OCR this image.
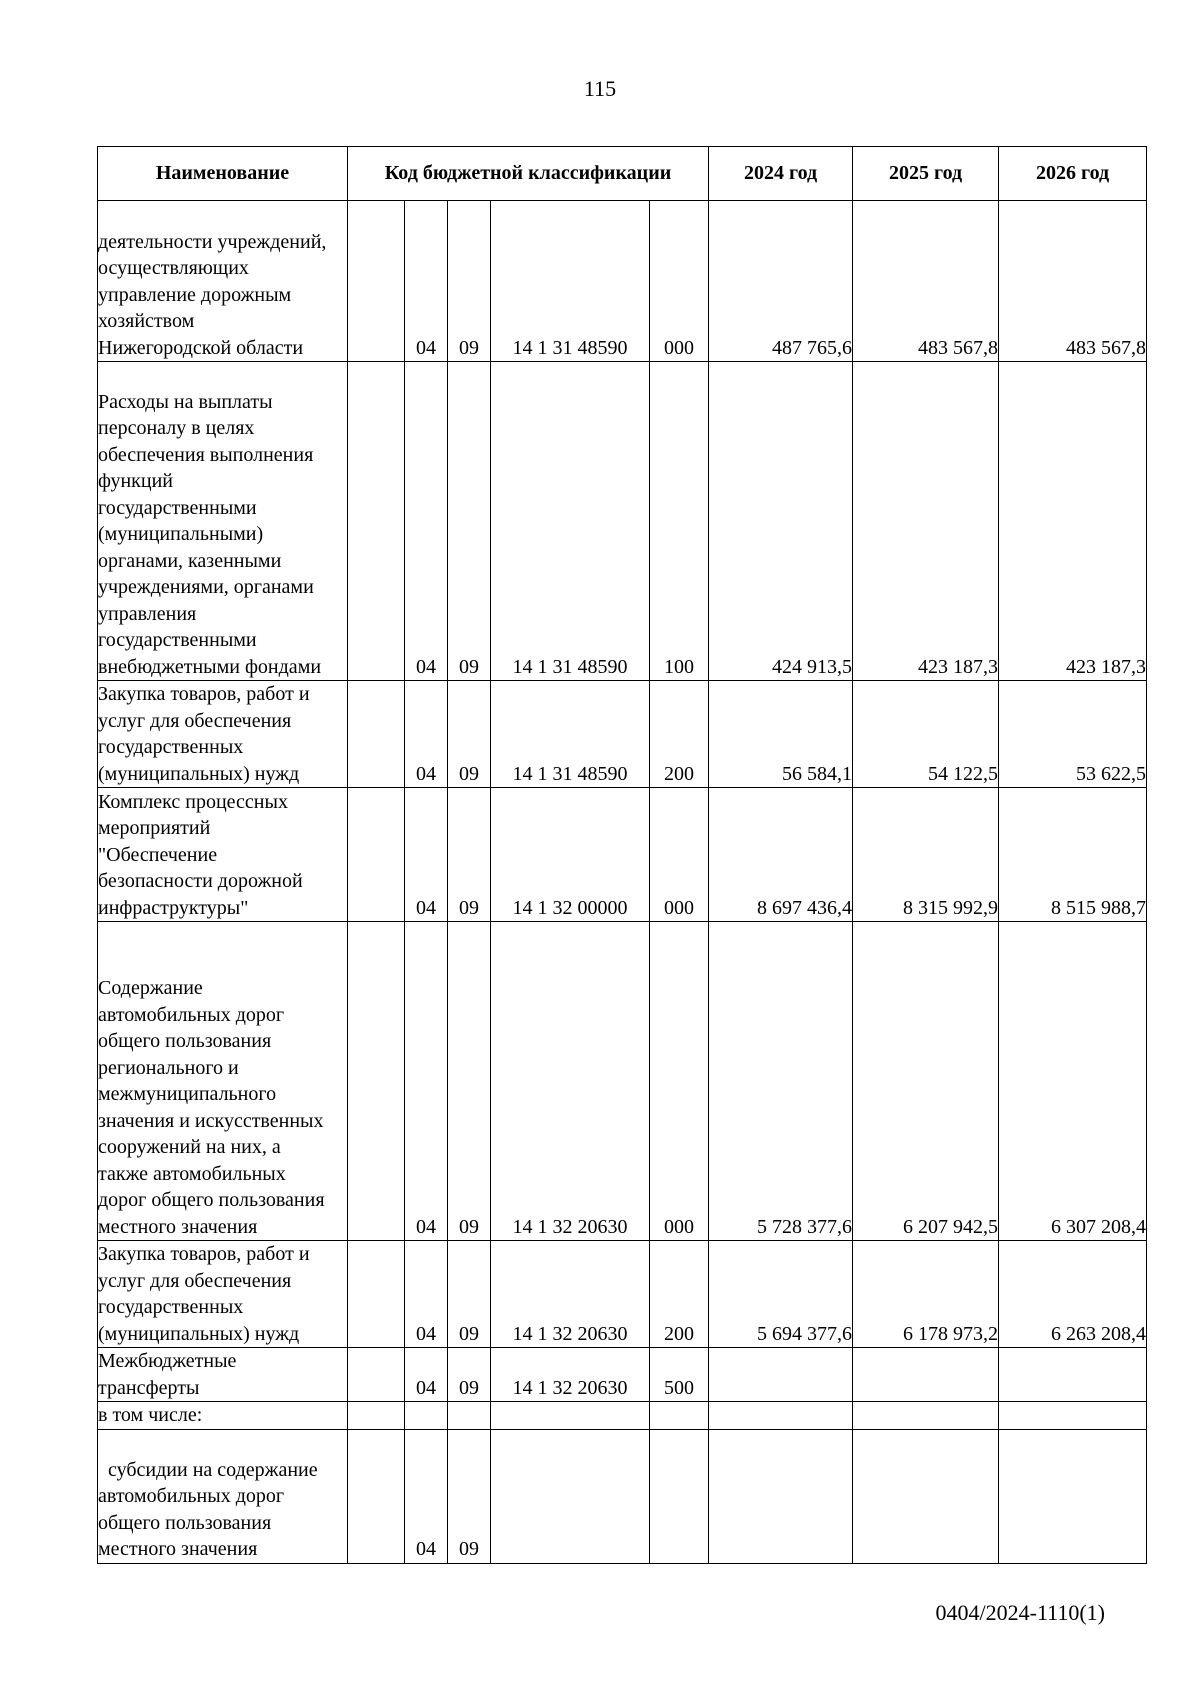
115
Наименование	Код бюджетной классификации					2024 год	2025 год	2026 год

деятельности учреждений, осуществляющих управление дорожным хозяйством Нижегородской области		04	09	14 1 31 48590	000	487 765,6	483 567,8	483 567,8

Расходы на выплаты персоналу в целях обеспечения выполнения функций государственными (муниципальными) органами, казенными учреждениями, органами управления государственными внебюджетными фондами		04	09	14 1 31 48590	100	424 913,5	423 187,3	423 187,3

Закупка товаров, работ и услуг для обеспечения государственных (муниципальных) нужд		04	09	14 1 31 48590	200	56 584,1	54 122,5	53 622,5

Комплекс процессных мероприятий "Обеспечение безопасности дорожной инфраструктуры"		04	09	14 1 32 00000	000	8 697 436,4	8 315 992,9	8 515 988,7

Содержание автомобильных дорог общего пользования регионального и межмуниципального значения и искусственных сооружений на них, а также автомобильных дорог общего пользования местного значения		04	09	14 1 32 20630	000	5 728 377,6	6 207 942,5	6 307 208,4

Закупка товаров, работ и услуг для обеспечения государственных (муниципальных) нужд		04	09	14 1 32 20630	200	5 694 377,6	6 178 973,2	6 263 208,4

Межбюджетные трансферты		04	09	14 1 32 20630	500			

в том числе:								

субсидии на содержание автомобильных дорог общего пользования местного значения		04	09					
0404/2024-1110(1)
